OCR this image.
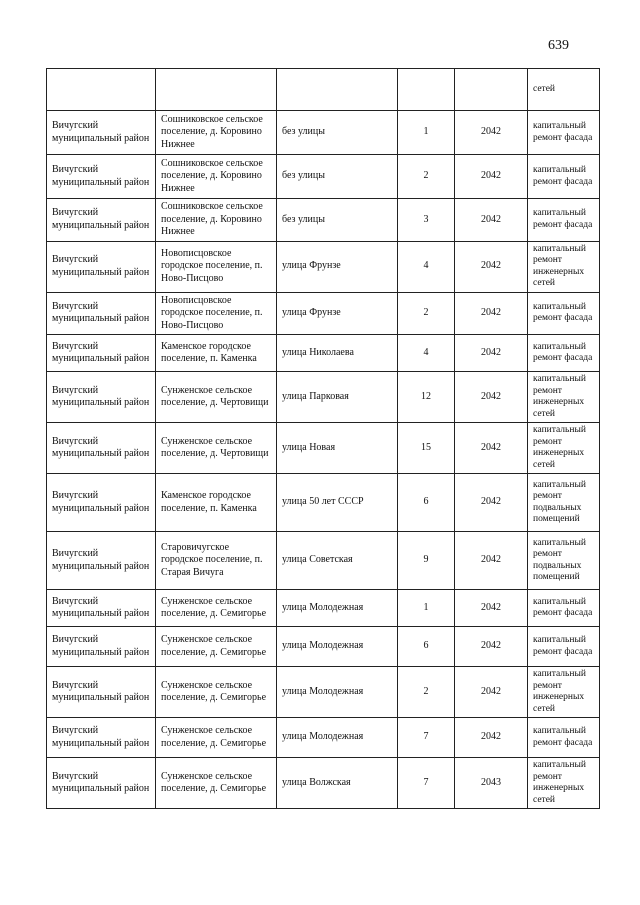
639
					сетей
Вичугский муниципальный район	Сошниковское сельское поселение, д. Коровино Нижнее	без улицы	1	2042	капитальный ремонт фасада
Вичугский муниципальный район	Сошниковское сельское поселение, д. Коровино Нижнее	без улицы	2	2042	капитальный ремонт фасада
Вичугский муниципальный район	Сошниковское сельское поселение, д. Коровино Нижнее	без улицы	3	2042	капитальный ремонт фасада
Вичугский муниципальный район	Новописцовское городское поселение, п. Ново-Писцово	улица Фрунзе	4	2042	капитальный ремонт инженерных сетей
Вичугский муниципальный район	Новописцовское городское поселение, п. Ново-Писцово	улица Фрунзе	2	2042	капитальный ремонт фасада
Вичугский муниципальный район	Каменское городское поселение, п. Каменка	улица Николаева	4	2042	капитальный ремонт фасада
Вичугский муниципальный район	Сунженское сельское поселение, д. Чертовищи	улица Парковая	12	2042	капитальный ремонт инженерных сетей
Вичугский муниципальный район	Сунженское сельское поселение, д. Чертовищи	улица Новая	15	2042	капитальный ремонт инженерных сетей
Вичугский муниципальный район	Каменское городское поселение, п. Каменка	улица 50 лет СССР	6	2042	капитальный ремонт подвальных помещений
Вичугский муниципальный район	Старовичугское городское поселение, п. Старая Вичуга	улица Советская	9	2042	капитальный ремонт подвальных помещений
Вичугский муниципальный район	Сунженское сельское поселение, д. Семигорье	улица Молодежная	1	2042	капитальный ремонт фасада
Вичугский муниципальный район	Сунженское сельское поселение, д. Семигорье	улица Молодежная	6	2042	капитальный ремонт фасада
Вичугский муниципальный район	Сунженское сельское поселение, д. Семигорье	улица Молодежная	2	2042	капитальный ремонт инженерных сетей
Вичугский муниципальный район	Сунженское сельское поселение, д. Семигорье	улица Молодежная	7	2042	капитальный ремонт фасада
Вичугский муниципальный район	Сунженское сельское поселение, д. Семигорье	улица Волжская	7	2043	капитальный ремонт инженерных сетей
